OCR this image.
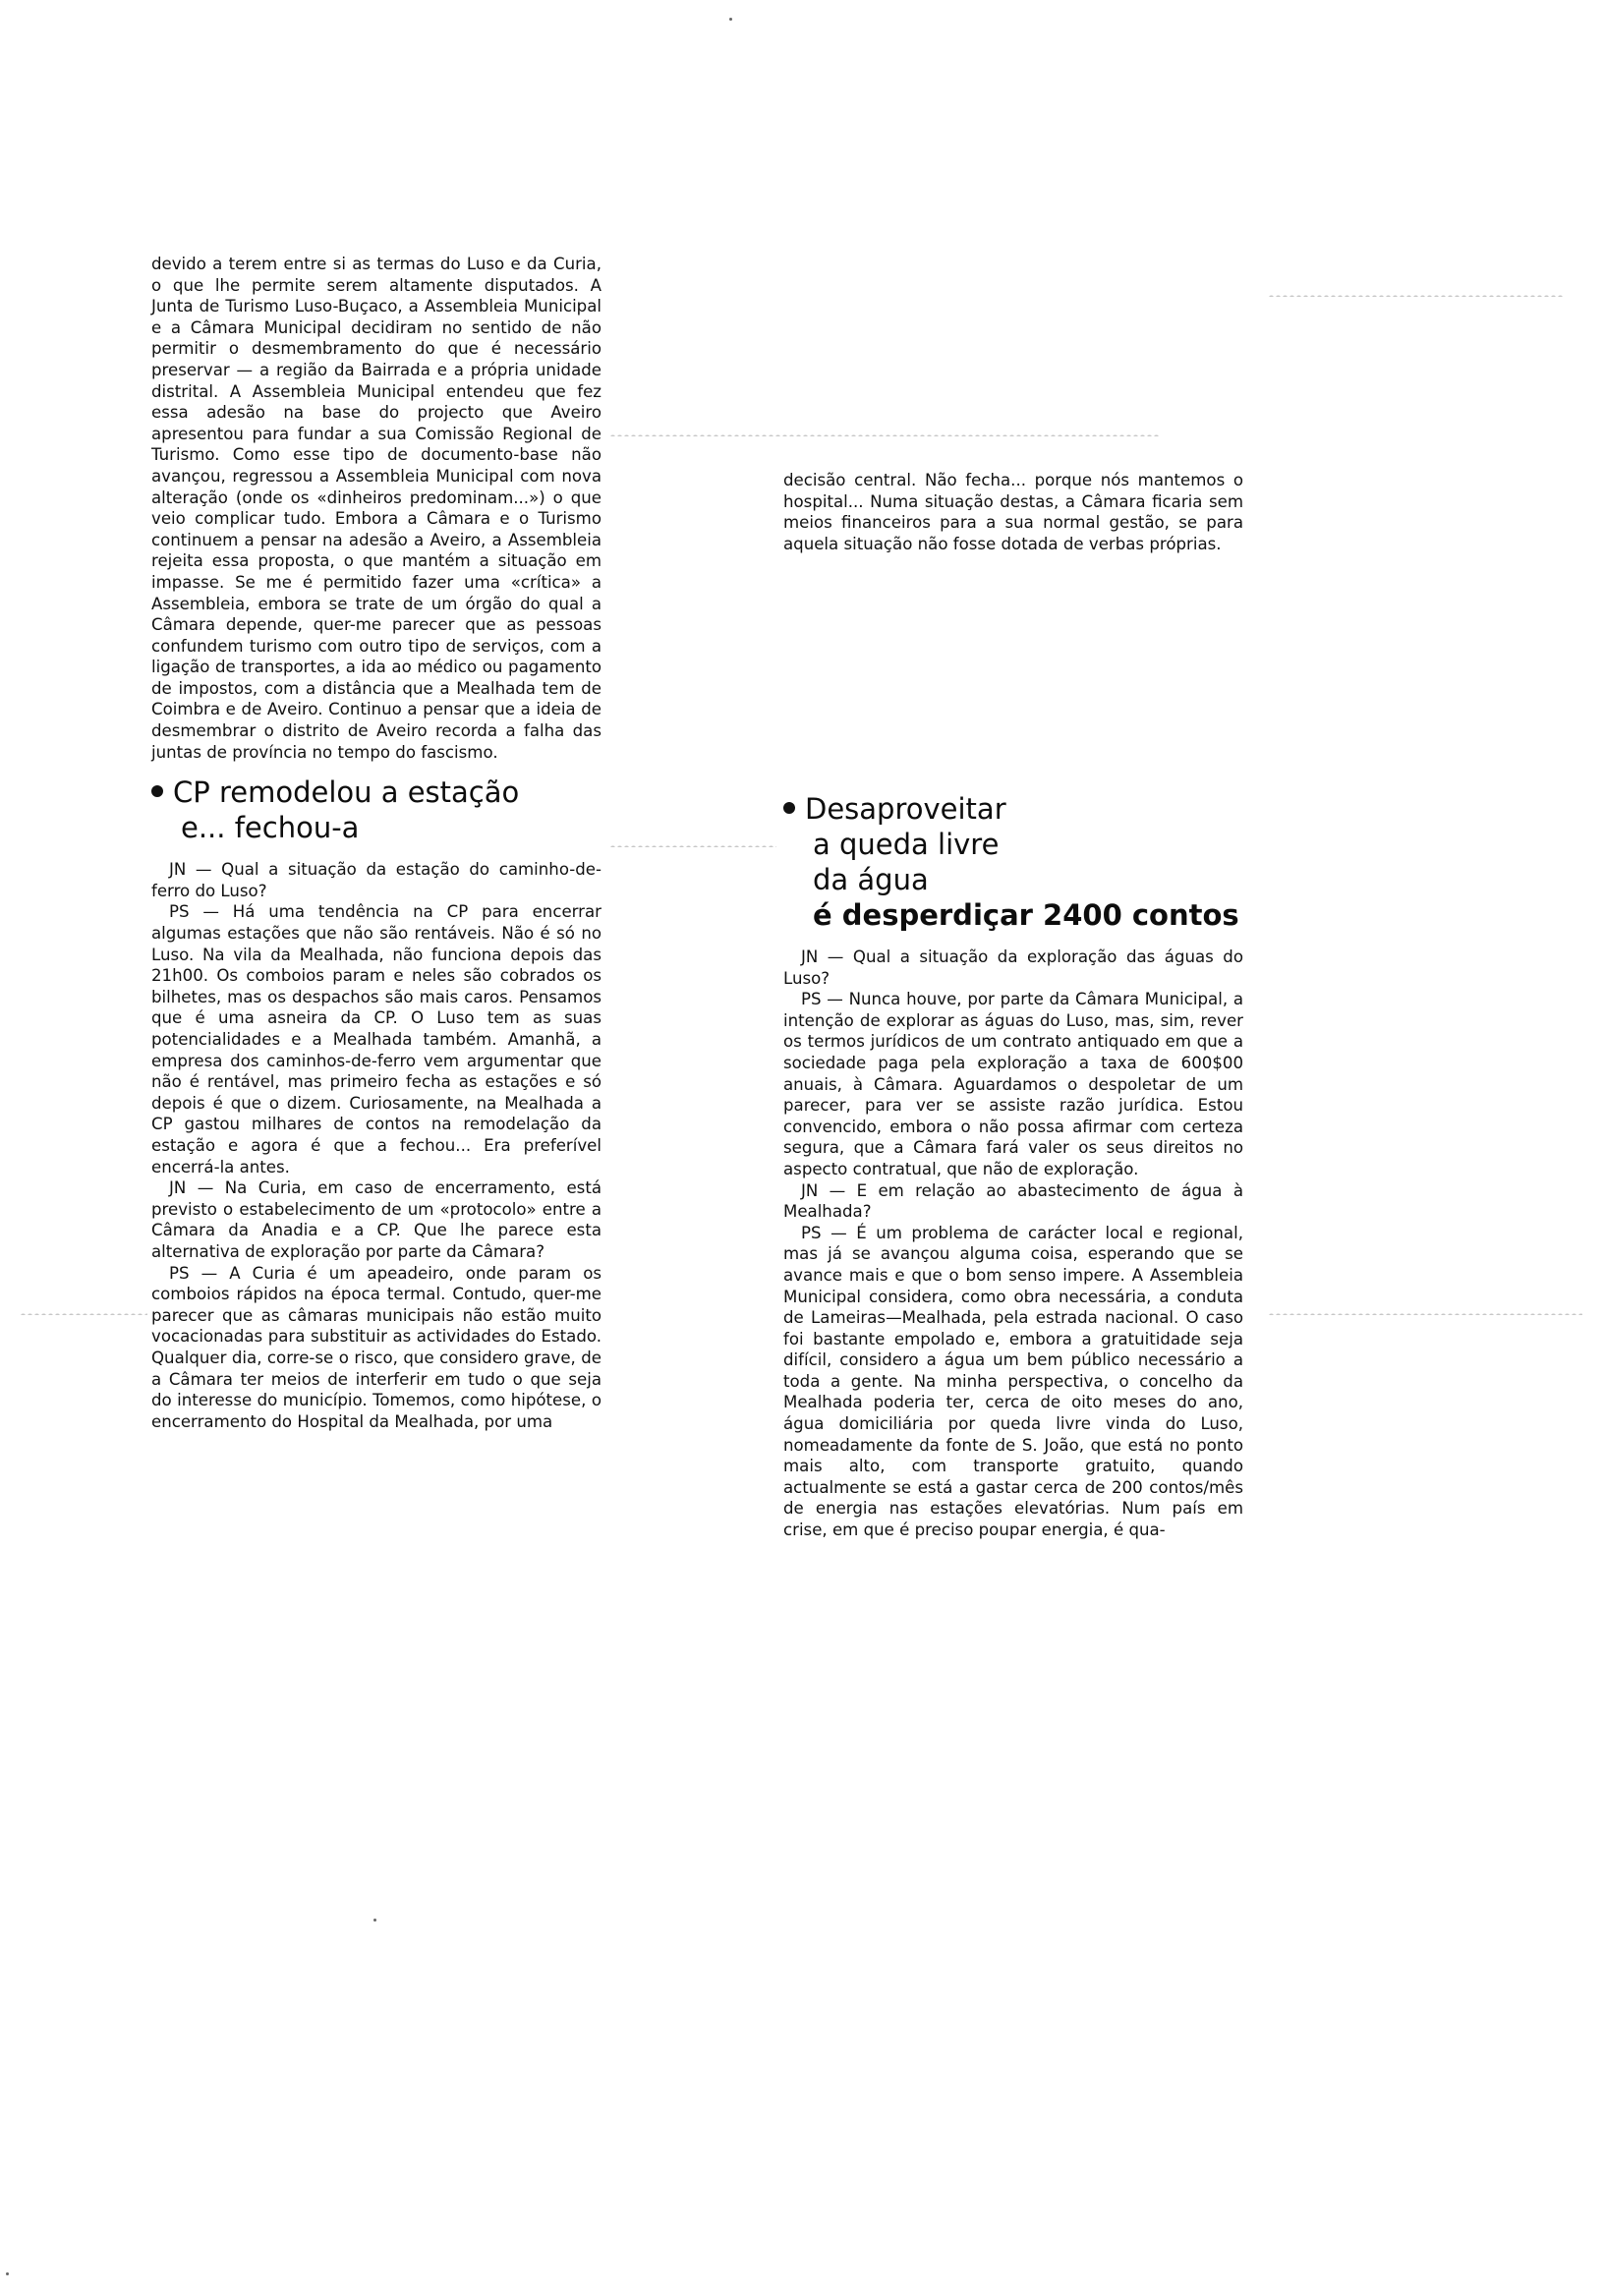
devido a terem entre si as termas do Luso e da Curia, o que lhe permite serem altamente disputados. A Junta de Turismo Luso-Buçaco, a Assembleia Municipal e a Câmara Municipal decidiram no sentido de não permitir o desmembramento do que é necessário preservar — a região da Bairrada e a própria unidade distrital. A Assembleia Municipal entendeu que fez essa adesão na base do projecto que Aveiro apresentou para fundar a sua Comissão Regional de Turismo. Como esse tipo de documento-base não avançou, regressou a Assembleia Municipal com nova alteração (onde os «dinheiros predominam...») o que veio complicar tudo. Embora a Câmara e o Turismo continuem a pensar na adesão a Aveiro, a Assembleia rejeita essa proposta, o que mantém a situação em impasse. Se me é permitido fazer uma «crítica» a Assembleia, embora se trate de um órgão do qual a Câmara depende, quer-me parecer que as pessoas confundem turismo com outro tipo de serviços, com a ligação de transportes, a ida ao médico ou pagamento de impostos, com a distância que a Mealhada tem de Coimbra e de Aveiro. Continuo a pensar que a ideia de desmembrar o distrito de Aveiro recorda a falha das juntas de província no tempo do fascismo.

CP remodelou a estação
e... fechou-a

JN — Qual a situação da estação do caminho-de-ferro do Luso?

PS — Há uma tendência na CP para encerrar algumas estações que não são rentáveis. Não é só no Luso. Na vila da Mealhada, não funciona depois das 21h00. Os comboios param e neles são cobrados os bilhetes, mas os despachos são mais caros. Pensamos que é uma asneira da CP. O Luso tem as suas potencialidades e a Mealhada também. Amanhã, a empresa dos caminhos-de-ferro vem argumentar que não é rentável, mas primeiro fecha as estações e só depois é que o dizem. Curiosamente, na Mealhada a CP gastou milhares de contos na remodelação da estação e agora é que a fechou... Era preferível encerrá-la antes.

JN — Na Curia, em caso de encerramento, está previsto o estabelecimento de um «protocolo» entre a Câmara da Anadia e a CP. Que lhe parece esta alternativa de exploração por parte da Câmara?

PS — A Curia é um apeadeiro, onde param os comboios rápidos na época termal. Contudo, quer-me parecer que as câmaras municipais não estão muito vocacionadas para substituir as actividades do Estado. Qualquer dia, corre-se o risco, que considero grave, de a Câmara ter meios de interferir em tudo o que seja do interesse do município. Tomemos, como hipótese, o encerramento do Hospital da Mealhada, por uma

decisão central. Não fecha... porque nós mantemos o hospital... Numa situação destas, a Câmara ficaria sem meios financeiros para a sua normal gestão, se para aquela situação não fosse dotada de verbas próprias.

Desaproveitar
a queda livre
da água
é desperdiçar 2400 contos

JN — Qual a situação da exploração das águas do Luso?

PS — Nunca houve, por parte da Câmara Municipal, a intenção de explorar as águas do Luso, mas, sim, rever os termos jurídicos de um contrato antiquado em que a sociedade paga pela exploração a taxa de 600$00 anuais, à Câmara. Aguardamos o despoletar de um parecer, para ver se assiste razão jurídica. Estou convencido, embora o não possa afirmar com certeza segura, que a Câmara fará valer os seus direitos no aspecto contratual, que não de exploração.

JN — E em relação ao abastecimento de água à Mealhada?

PS — É um problema de carácter local e regional, mas já se avançou alguma coisa, esperando que se avance mais e que o bom senso impere. A Assembleia Municipal considera, como obra necessária, a conduta de Lameiras—Mealhada, pela estrada nacional. O caso foi bastante empolado e, embora a gratuitidade seja difícil, considero a água um bem público necessário a toda a gente. Na minha perspectiva, o concelho da Mealhada poderia ter, cerca de oito meses do ano, água domiciliária por queda livre vinda do Luso, nomeadamente da fonte de S. João, que está no ponto mais alto, com transporte gratuito, quando actualmente se está a gastar cerca de 200 contos/mês de energia nas estações elevatórias. Num país em crise, em que é preciso poupar energia, é qua-
